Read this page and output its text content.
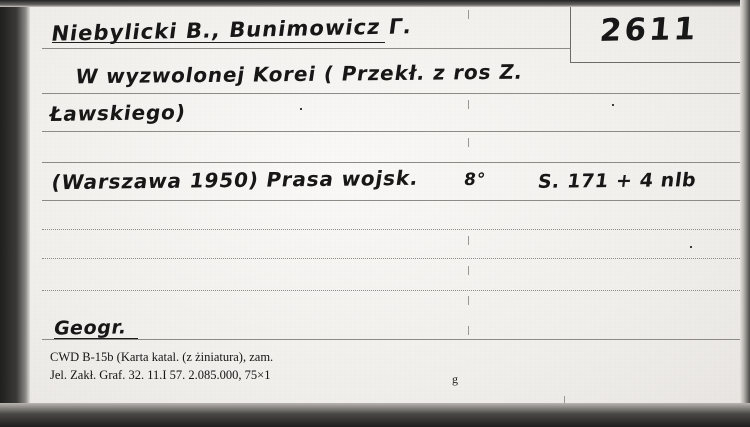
Niebylicki B., Bunimowicz Г.
W wyzwolonej Korei ( Przekł. z ros Z.
Ławskiego)
(Warszawa 1950) Prasa wojsk. 8°	S. 171 + 4 nlb
2611
Geogr.
CWD B-15b (Karta katal. (z żiniatura), zam.
Jel. Zakł. Graf. 32. 11.I 57. 2.085.000, 75×1	g
